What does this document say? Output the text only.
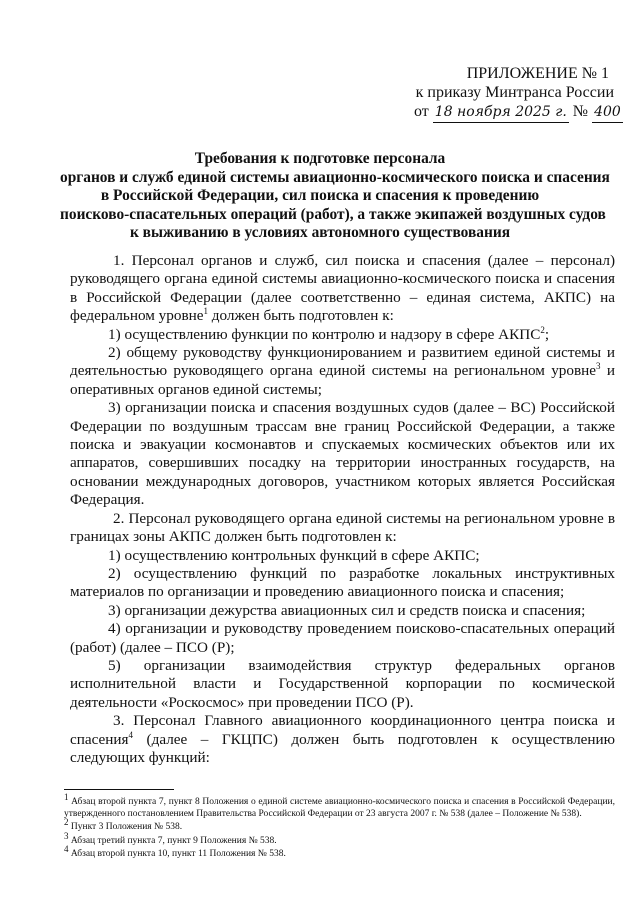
ПРИЛОЖЕНИЕ № 1
к приказу Минтранса России
от 18 ноября 2025 г. № 400
Требования к подготовке персонала
органов и служб единой системы авиационно-космического поиска и спасения
в Российской Федерации, сил поиска и спасения к проведению
поисково-спасательных операций (работ), а также экипажей воздушных судов
к выживанию в условиях автономного существования

1. Персонал органов и служб, сил поиска и спасения (далее – персонал) руководящего органа единой системы авиационно-космического поиска и спасения в Российской Федерации (далее соответственно – единая система, АКПС) на федеральном уровне$^1$ должен быть подготовлен к:

1) осуществлению функции по контролю и надзору в сфере АКПС$^2$;

2) общему руководству функционированием и развитием единой системы и деятельностью руководящего органа единой системы на региональном уровне$^3$ и оперативных органов единой системы;

3) организации поиска и спасения воздушных судов (далее – ВС) Российской Федерации по воздушным трассам вне границ Российской Федерации, а также поиска и эвакуации космонавтов и спускаемых космических объектов или их аппаратов, совершивших посадку на территории иностранных государств, на основании международных договоров, участником которых является Российская Федерация.

2. Персонал руководящего органа единой системы на региональном уровне в границах зоны АКПС должен быть подготовлен к:

1) осуществлению контрольных функций в сфере АКПС;

2) осуществлению функций по разработке локальных инструктивных материалов по организации и проведению авиационного поиска и спасения;

3) организации дежурства авиационных сил и средств поиска и спасения;

4) организации и руководству проведением поисково-спасательных операций (работ) (далее – ПСО (Р);

5) организации взаимодействия структур федеральных органов исполнительной власти и Государственной корпорации по космической деятельности «Роскосмос» при проведении ПСО (Р).

3. Персонал Главного авиационного координационного центра поиска и спасения$^4$ (далее – ГКЦПС) должен быть подготовлен к осуществлению следующих функций:

$^1$ Абзац второй пункта 7, пункт 8 Положения о единой системе авиационно-космического поиска и спасения в Российской Федерации, утвержденного постановлением Правительства Российской Федерации от 23 августа 2007 г. № 538 (далее – Положение № 538).

$^2$ Пункт 3 Положения № 538.

$^3$ Абзац третий пункта 7, пункт 9 Положения № 538.

$^4$ Абзац второй пункта 10, пункт 11 Положения № 538.
